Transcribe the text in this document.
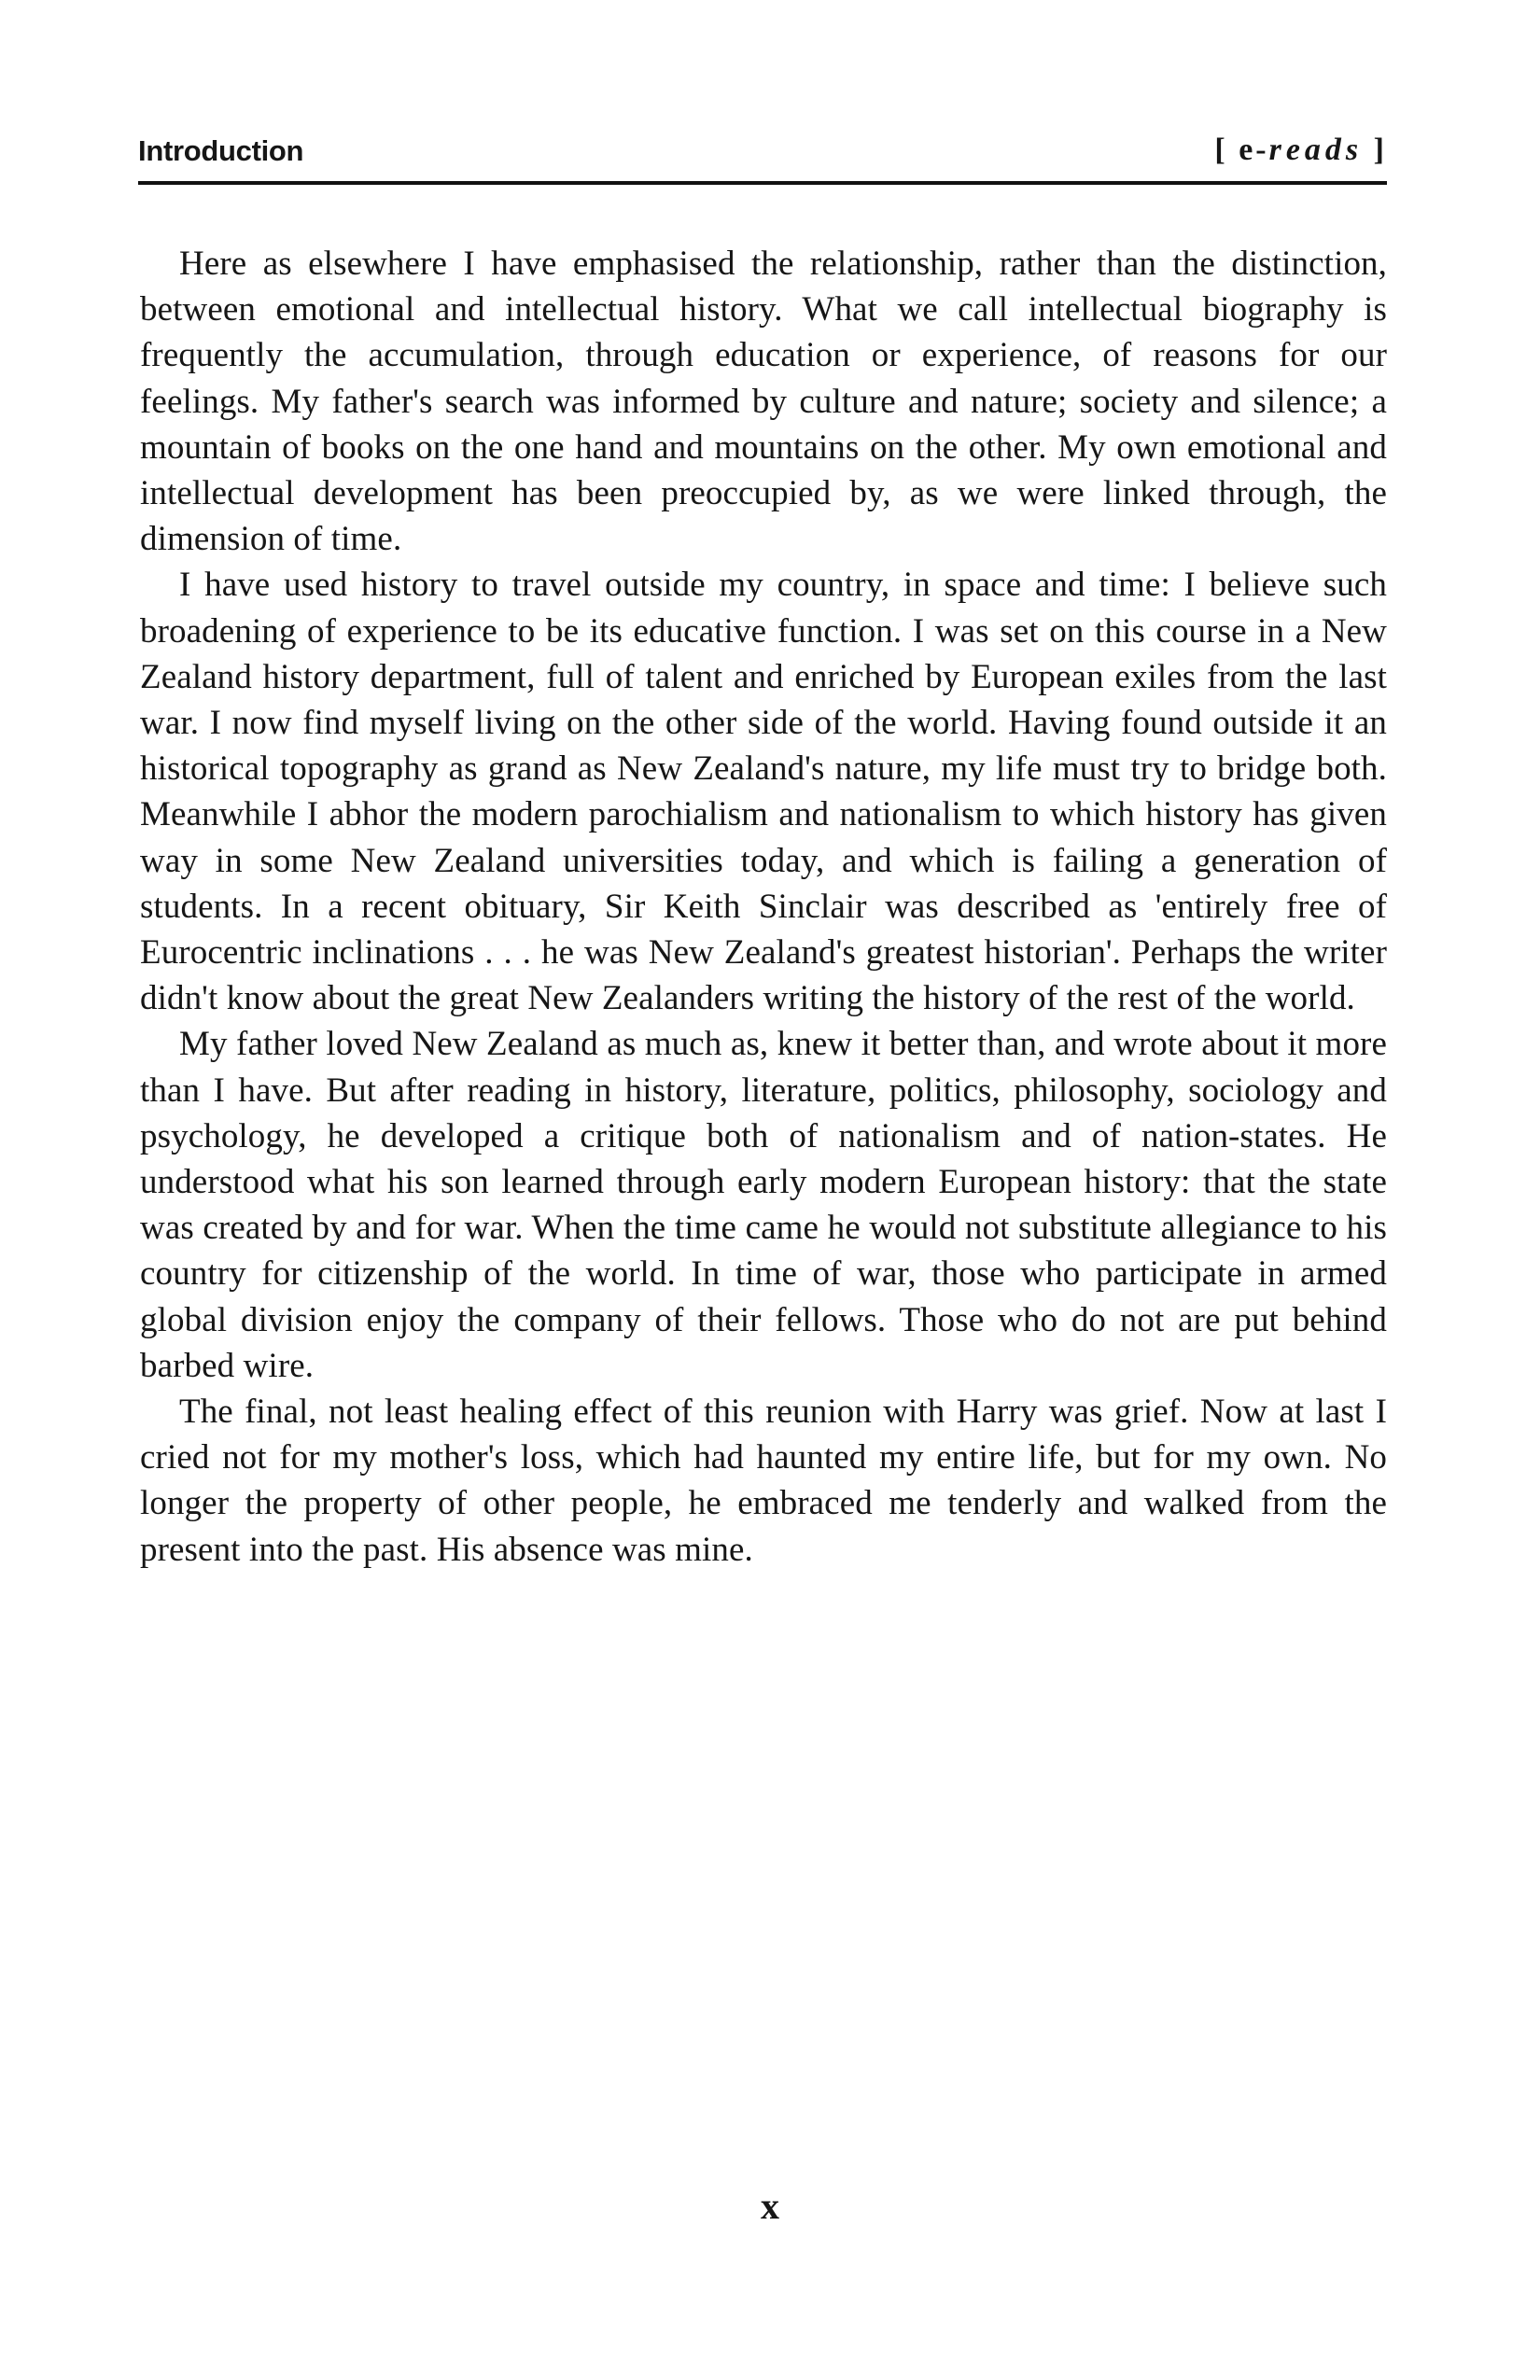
Introduction	[ e-reads ]

Here as elsewhere I have emphasised the relationship, rather than the distinction, between emotional and intellectual history. What we call intellectual biography is frequently the accumulation, through education or experience, of reasons for our feelings. My father's search was informed by culture and nature; society and silence; a mountain of books on the one hand and mountains on the other. My own emotional and intellectual development has been preoccupied by, as we were linked through, the dimension of time.

I have used history to travel outside my country, in space and time: I believe such broadening of experience to be its educative function. I was set on this course in a New Zealand history department, full of talent and enriched by European exiles from the last war. I now find myself living on the other side of the world. Having found outside it an historical topography as grand as New Zealand's nature, my life must try to bridge both. Meanwhile I abhor the modern parochialism and nationalism to which history has given way in some New Zealand universities today, and which is failing a generation of students. In a recent obituary, Sir Keith Sinclair was described as 'entirely free of Eurocentric inclinations . . . he was New Zealand's greatest historian'. Perhaps the writer didn't know about the great New Zealanders writing the history of the rest of the world.

My father loved New Zealand as much as, knew it better than, and wrote about it more than I have. But after reading in history, literature, politics, philosophy, sociology and psychology, he developed a critique both of nationalism and of nation-states. He understood what his son learned through early modern European history: that the state was created by and for war. When the time came he would not substitute allegiance to his country for citizenship of the world. In time of war, those who participate in armed global division enjoy the company of their fellows. Those who do not are put behind barbed wire.

The final, not least healing effect of this reunion with Harry was grief. Now at last I cried not for my mother's loss, which had haunted my entire life, but for my own. No longer the property of other people, he embraced me tenderly and walked from the present into the past. His absence was mine.

x
